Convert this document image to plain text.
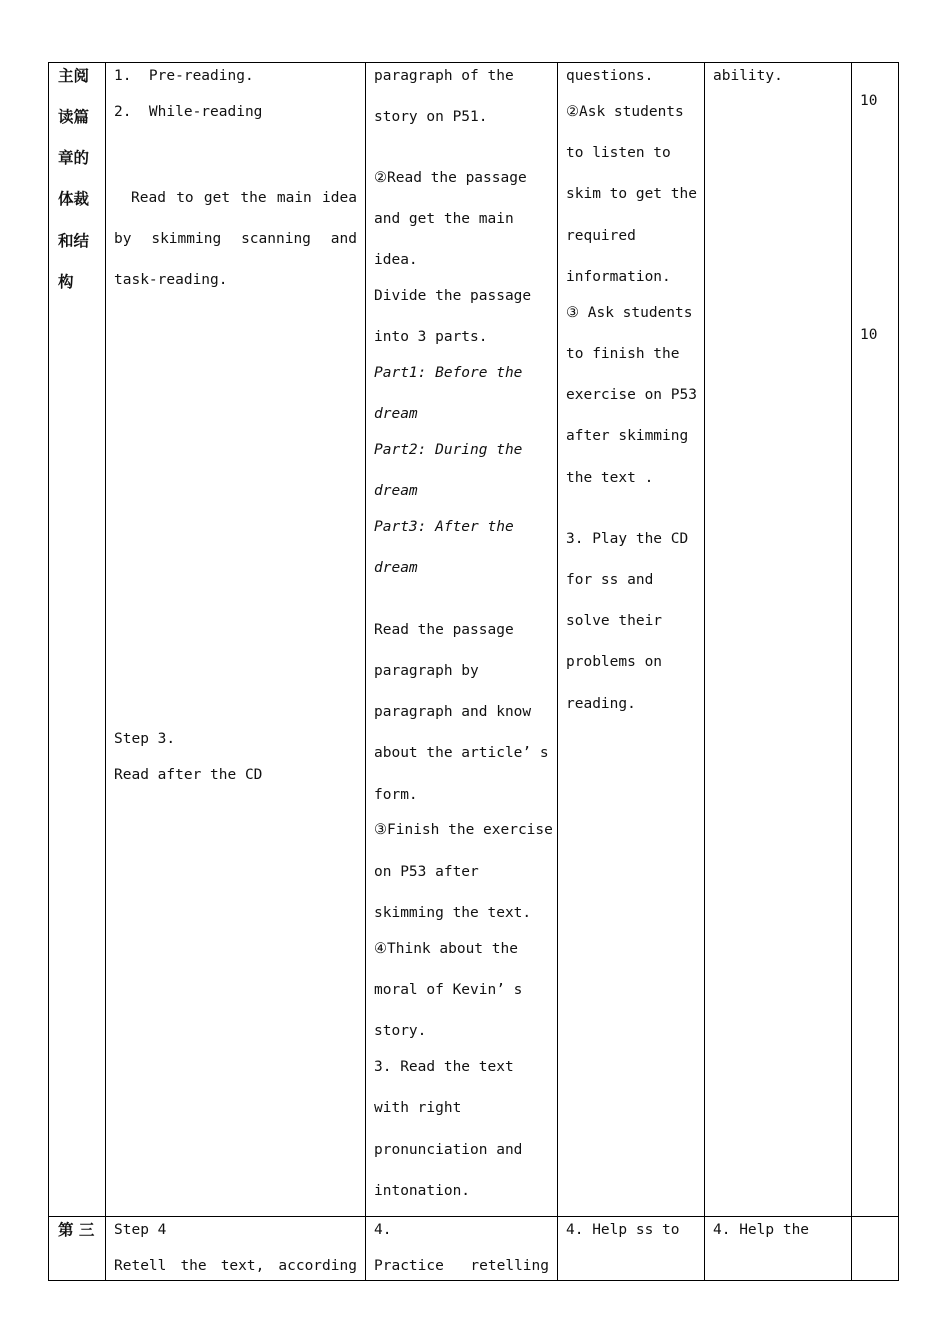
主阅
读篇
章的
体裁
和结
构
第 三
1.  Pre-reading.
2.  While-reading
Read to get the main idea
by skimming scanning and
task-reading.
Step 3.
Read after the CD
Step 4
Retell the text, according
paragraph of the
story on P51.
②Read the passage
and get the main
idea.
Divide the passage
into 3 parts.
Part1: Before the
dream
Part2: During the
dream
Part3: After the
dream
Read the passage
paragraph by
paragraph and know
about the article’ s
form.
③Finish the exercise
on P53 after
skimming the text.
④Think about the
moral of Kevin’ s
story.
3. Read the text
with right
pronunciation and
intonation.
4.
Practice retelling
questions.
②Ask students
to listen to
skim to get the
required
information.
③ Ask students
to finish the
exercise on P53
after skimming
the text .
3. Play the CD
for ss and
solve their
problems on
reading.
4. Help ss to
ability.
4. Help the
10
10
